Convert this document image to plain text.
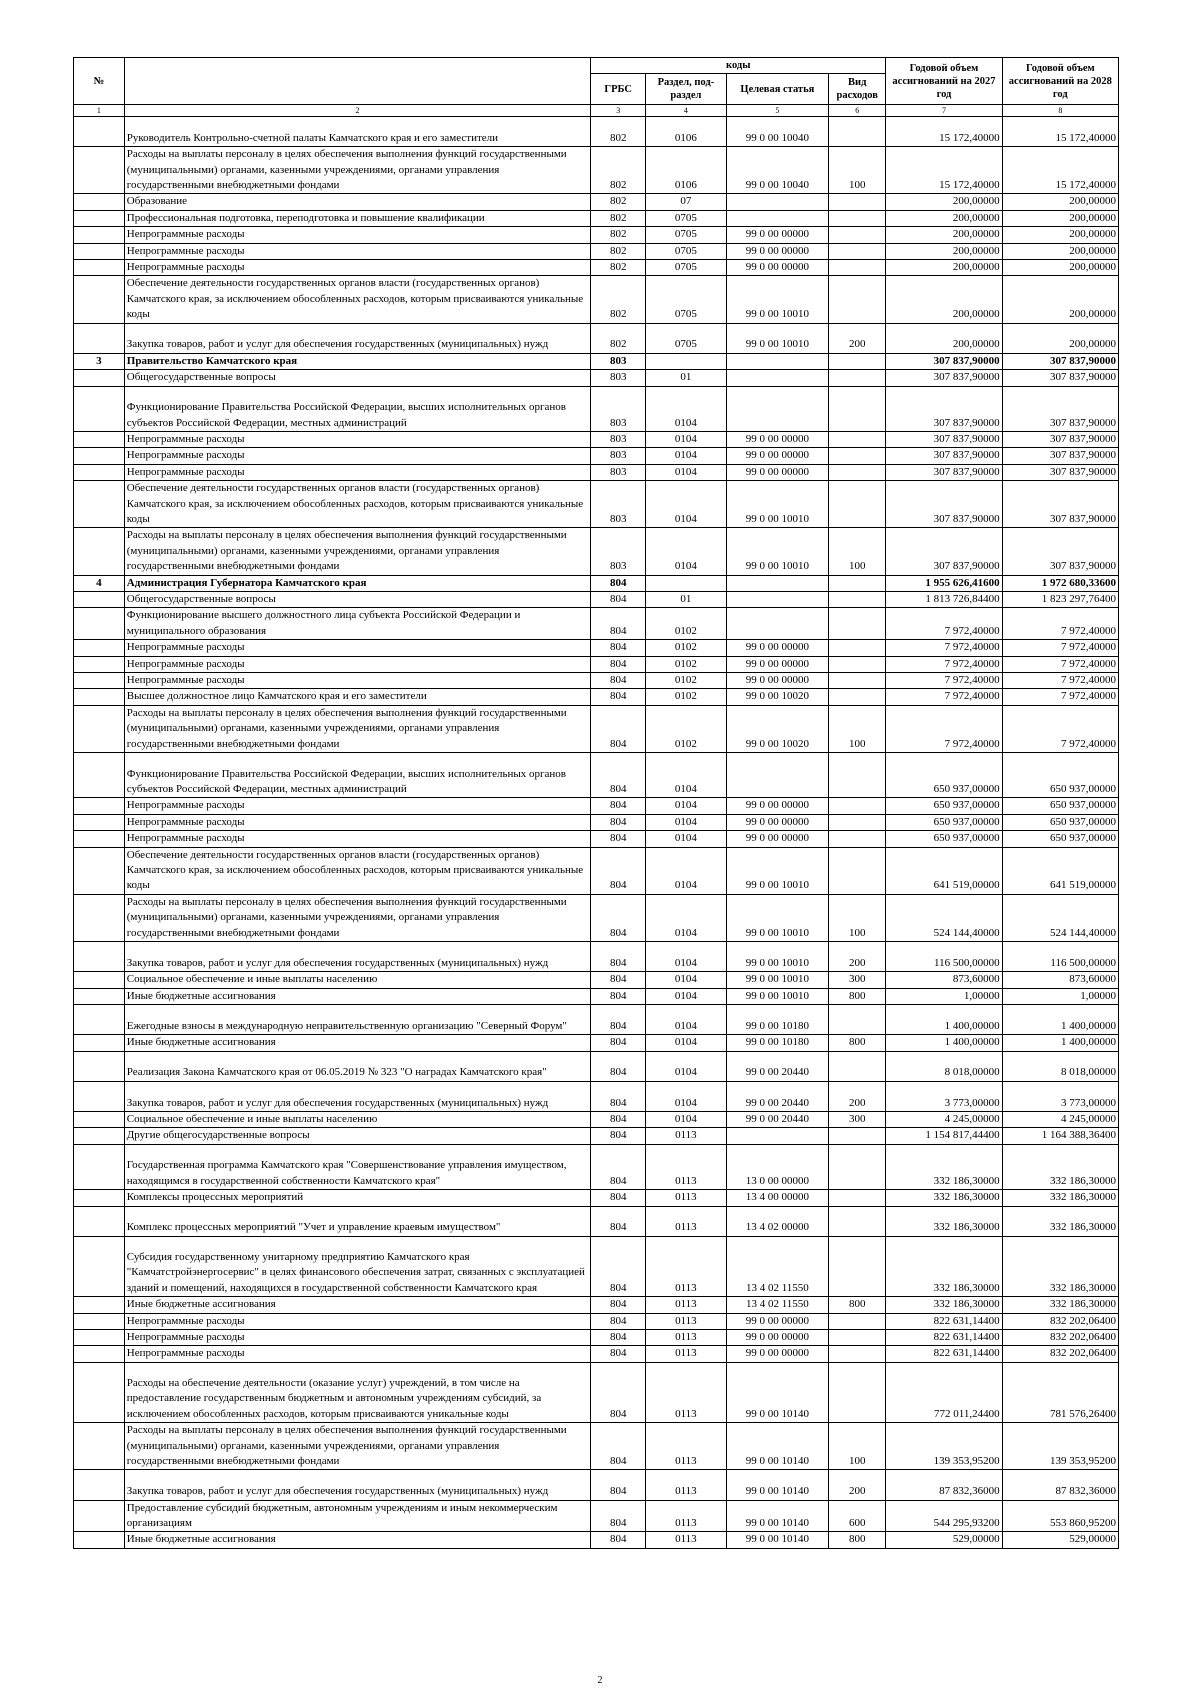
№		коды				Годовой объем ассигнований на 2027 год	Годовой объем ассигнований на 2028 год
		ГРБС	Раздел, под-раздел	Целевая статья	Вид расходов		
1	2	3	4	5	6	7	8
	Руководитель Контрольно-счетной палаты Камчатского края и его заместители	802	0106	99 0 00 10040		15 172,40000	15 172,40000
	Расходы на выплаты персоналу в целях обеспечения выполнения функций государственными (муниципальными) органами, казенными учреждениями, органами управления государственными внебюджетными фондами	802	0106	99 0 00 10040	100	15 172,40000	15 172,40000
	Образование	802	07			200,00000	200,00000
	Профессиональная подготовка, переподготовка и повышение квалификации	802	0705			200,00000	200,00000
	Непрограммные расходы	802	0705	99 0 00 00000		200,00000	200,00000
	Непрограммные расходы	802	0705	99 0 00 00000		200,00000	200,00000
	Непрограммные расходы	802	0705	99 0 00 00000		200,00000	200,00000
	Обеспечение деятельности государственных органов власти (государственных органов) Камчатского края, за исключением обособленных расходов, которым присваиваются уникальные коды	802	0705	99 0 00 10010		200,00000	200,00000
	Закупка товаров, работ и услуг для обеспечения государственных (муниципальных) нужд	802	0705	99 0 00 10010	200	200,00000	200,00000
3	Правительство Камчатского края	803				307 837,90000	307 837,90000
	Общегосударственные вопросы	803	01			307 837,90000	307 837,90000
	Функционирование Правительства Российской Федерации, высших исполнительных органов субъектов Российской Федерации, местных администраций	803	0104			307 837,90000	307 837,90000
	Непрограммные расходы	803	0104	99 0 00 00000		307 837,90000	307 837,90000
	Непрограммные расходы	803	0104	99 0 00 00000		307 837,90000	307 837,90000
	Непрограммные расходы	803	0104	99 0 00 00000		307 837,90000	307 837,90000
	Обеспечение деятельности государственных органов власти (государственных органов) Камчатского края, за исключением обособленных расходов, которым присваиваются уникальные коды	803	0104	99 0 00 10010		307 837,90000	307 837,90000
	Расходы на выплаты персоналу в целях обеспечения выполнения функций государственными (муниципальными) органами, казенными учреждениями, органами управления государственными внебюджетными фондами	803	0104	99 0 00 10010	100	307 837,90000	307 837,90000
4	Администрация Губернатора Камчатского края	804				1 955 626,41600	1 972 680,33600
	Общегосударственные вопросы	804	01			1 813 726,84400	1 823 297,76400
	Функционирование высшего должностного лица субъекта Российской Федерации и муниципального образования	804	0102			7 972,40000	7 972,40000
	Непрограммные расходы	804	0102	99 0 00 00000		7 972,40000	7 972,40000
	Непрограммные расходы	804	0102	99 0 00 00000		7 972,40000	7 972,40000
	Непрограммные расходы	804	0102	99 0 00 00000		7 972,40000	7 972,40000
	Высшее должностное лицо Камчатского края и его заместители	804	0102	99 0 00 10020		7 972,40000	7 972,40000
	Расходы на выплаты персоналу в целях обеспечения выполнения функций государственными (муниципальными) органами, казенными учреждениями, органами управления государственными внебюджетными фондами	804	0102	99 0 00 10020	100	7 972,40000	7 972,40000
	Функционирование Правительства Российской Федерации, высших исполнительных органов субъектов Российской Федерации, местных администраций	804	0104			650 937,00000	650 937,00000
	Непрограммные расходы	804	0104	99 0 00 00000		650 937,00000	650 937,00000
	Непрограммные расходы	804	0104	99 0 00 00000		650 937,00000	650 937,00000
	Непрограммные расходы	804	0104	99 0 00 00000		650 937,00000	650 937,00000
	Обеспечение деятельности государственных органов власти (государственных органов) Камчатского края, за исключением обособленных расходов, которым присваиваются уникальные коды	804	0104	99 0 00 10010		641 519,00000	641 519,00000
	Расходы на выплаты персоналу в целях обеспечения выполнения функций государственными (муниципальными) органами, казенными учреждениями, органами управления государственными внебюджетными фондами	804	0104	99 0 00 10010	100	524 144,40000	524 144,40000
	Закупка товаров, работ и услуг для обеспечения государственных (муниципальных) нужд	804	0104	99 0 00 10010	200	116 500,00000	116 500,00000
	Социальное обеспечение и иные выплаты населению	804	0104	99 0 00 10010	300	873,60000	873,60000
	Иные бюджетные ассигнования	804	0104	99 0 00 10010	800	1,00000	1,00000
	Ежегодные взносы в международную неправительственную организацию "Северный Форум"	804	0104	99 0 00 10180		1 400,00000	1 400,00000
	Иные бюджетные ассигнования	804	0104	99 0 00 10180	800	1 400,00000	1 400,00000
	Реализация Закона Камчатского края от 06.05.2019 № 323 "О наградах Камчатского края"	804	0104	99 0 00 20440		8 018,00000	8 018,00000
	Закупка товаров, работ и услуг для обеспечения государственных (муниципальных) нужд	804	0104	99 0 00 20440	200	3 773,00000	3 773,00000
	Социальное обеспечение и иные выплаты населению	804	0104	99 0 00 20440	300	4 245,00000	4 245,00000
	Другие общегосударственные вопросы	804	0113			1 154 817,44400	1 164 388,36400
	Государственная программа Камчатского края "Совершенствование управления имуществом, находящимся в государственной собственности Камчатского края"	804	0113	13 0 00 00000		332 186,30000	332 186,30000
	Комплексы процессных мероприятий	804	0113	13 4 00 00000		332 186,30000	332 186,30000
	Комплекс процессных мероприятий "Учет и управление краевым имуществом"	804	0113	13 4 02 00000		332 186,30000	332 186,30000
	Субсидия государственному унитарному предприятию Камчатского края "Камчатстройэнергосервис" в целях финансового обеспечения затрат, связанных с эксплуатацией зданий и помещений, находящихся в государственной собственности Камчатского края	804	0113	13 4 02 11550		332 186,30000	332 186,30000
	Иные бюджетные ассигнования	804	0113	13 4 02 11550	800	332 186,30000	332 186,30000
	Непрограммные расходы	804	0113	99 0 00 00000		822 631,14400	832 202,06400
	Непрограммные расходы	804	0113	99 0 00 00000		822 631,14400	832 202,06400
	Непрограммные расходы	804	0113	99 0 00 00000		822 631,14400	832 202,06400
	Расходы на обеспечение деятельности (оказание услуг) учреждений, в том числе на предоставление государственным бюджетным и автономным учреждениям субсидий, за исключением обособленных расходов, которым присваиваются уникальные коды	804	0113	99 0 00 10140		772 011,24400	781 576,26400
	Расходы на выплаты персоналу в целях обеспечения выполнения функций государственными (муниципальными) органами, казенными учреждениями, органами управления государственными внебюджетными фондами	804	0113	99 0 00 10140	100	139 353,95200	139 353,95200
	Закупка товаров, работ и услуг для обеспечения государственных (муниципальных) нужд	804	0113	99 0 00 10140	200	87 832,36000	87 832,36000
	Предоставление субсидий бюджетным, автономным учреждениям и иным некоммерческим организациям	804	0113	99 0 00 10140	600	544 295,93200	553 860,95200
	Иные бюджетные ассигнования	804	0113	99 0 00 10140	800	529,00000	529,00000
2
